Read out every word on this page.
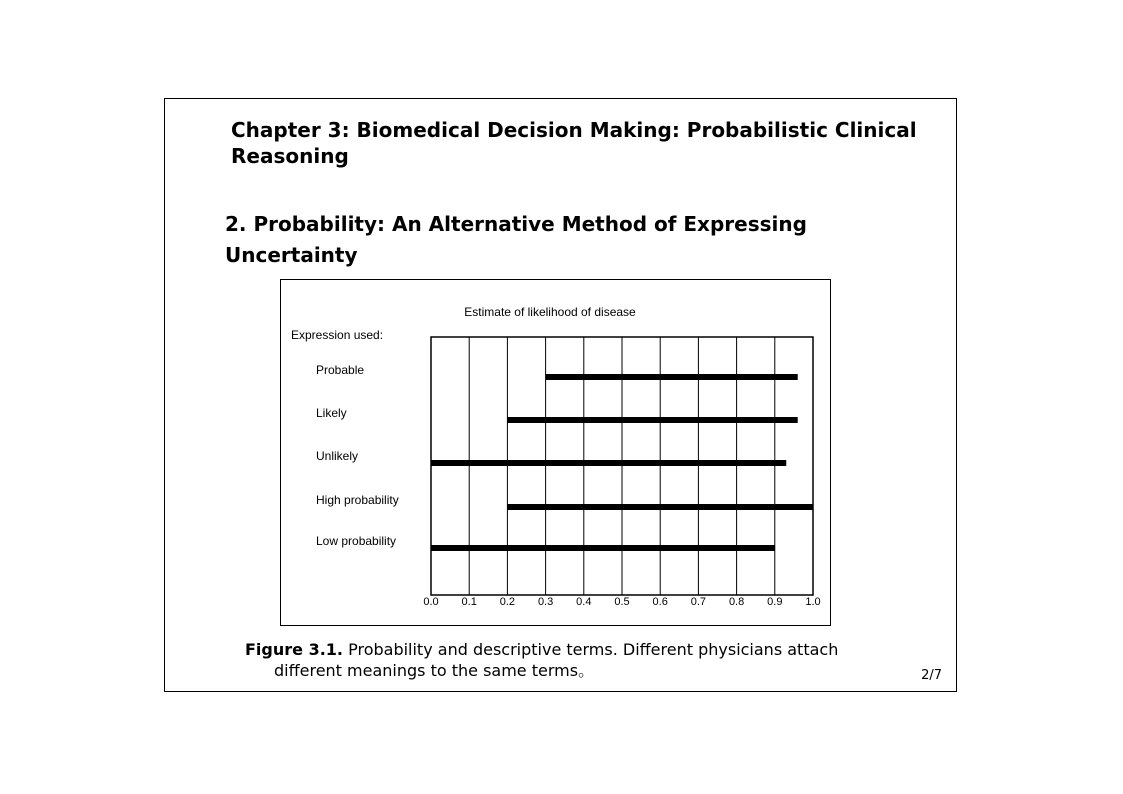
Chapter 3: Biomedical Decision Making: Probabilistic Clinical Reasoning
2. Probability: An Alternative Method of Expressing Uncertainty
Estimate of likelihood of disease
Expression used:
Probable
Likely
Unlikely
High probability
Low probability
0.0 0.1 0.2 0.3 0.4 0.5 0.6 0.7 0.8 0.9 1.0

Figure 3.1. Probability and descriptive terms. Different physicians attach different meanings to the same terms。	2/7
